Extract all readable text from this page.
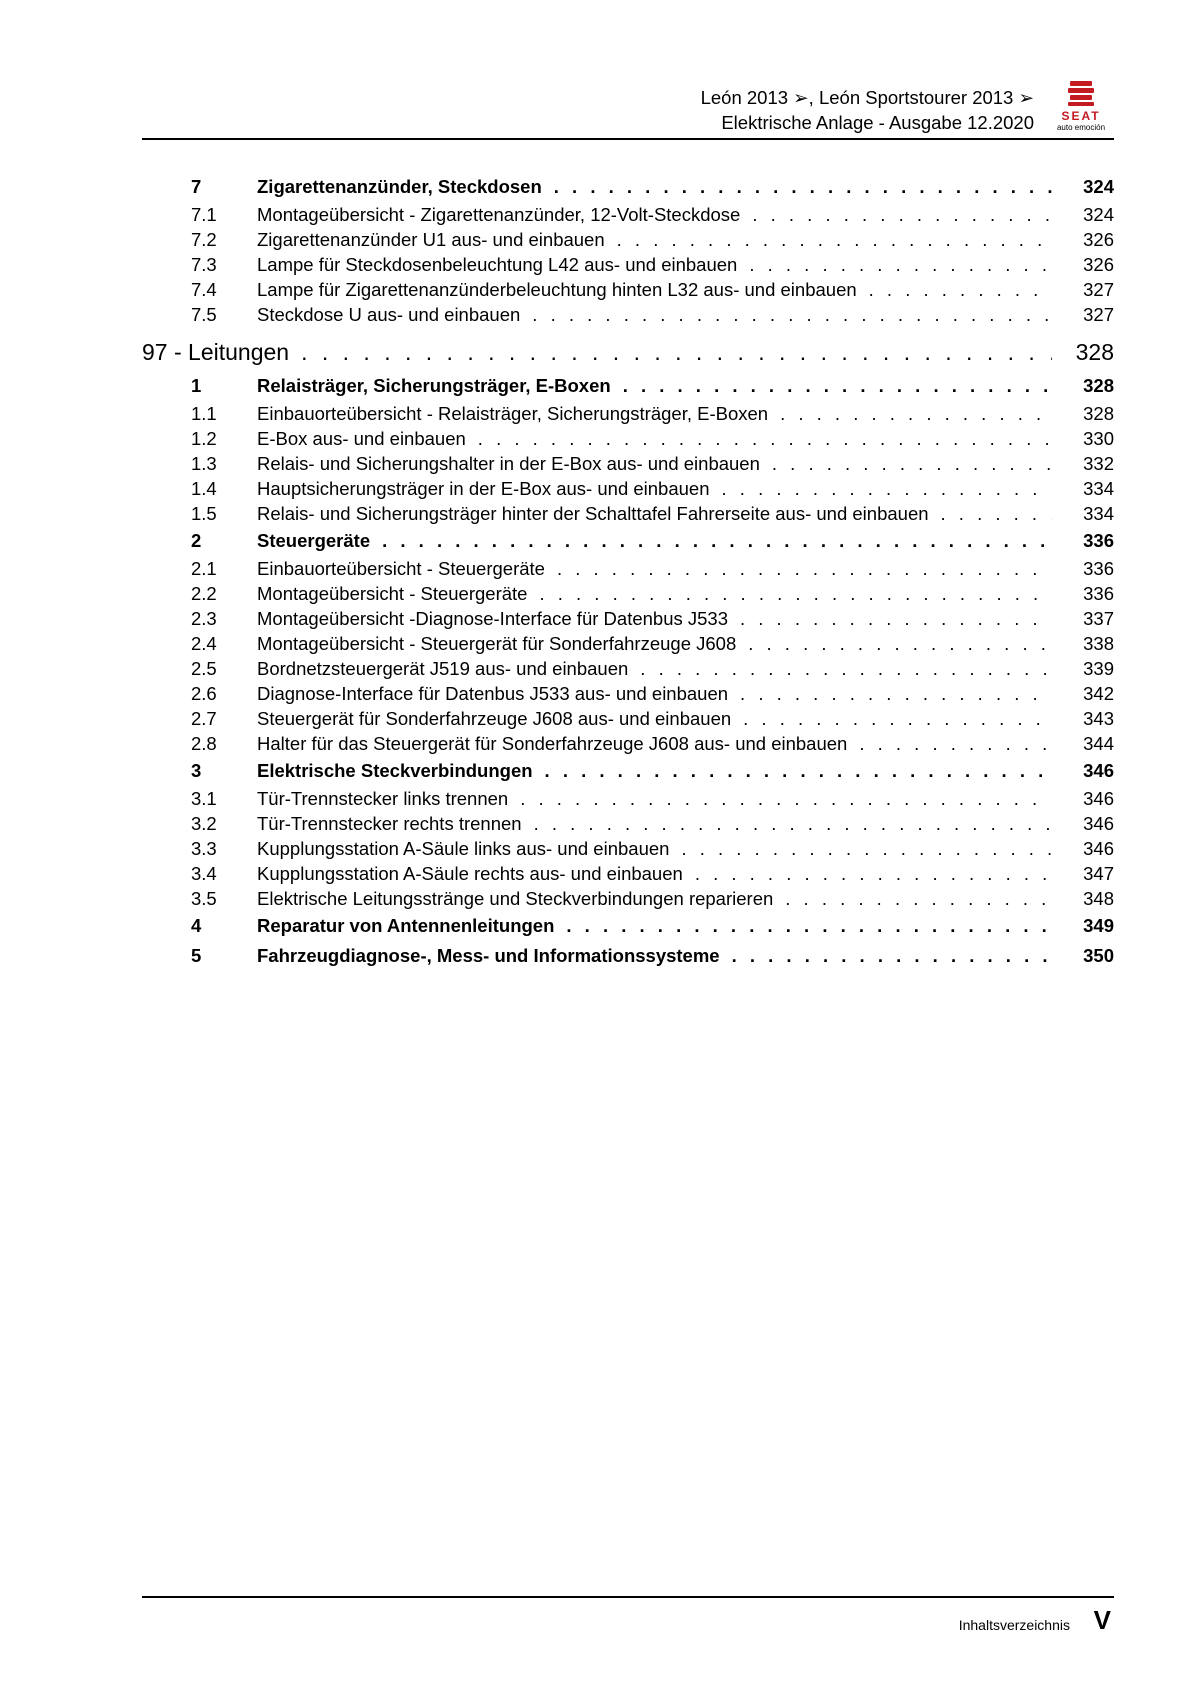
León 2013 ➢, León Sportstourer 2013 ➢
Elektrische Anlage - Ausgabe 12.2020 SEAT
auto emoción
7	Zigarettenanzünder, Steckdosen . . .	324
7.1 Montageübersicht - Zigarettenanzünder, 12-Volt-Steckdose . . .	324
7.2 Zigarettenanzünder U1 aus- und einbauen . . .	326
7.3 Lampe für Steckdosenbeleuchtung L42 aus- und einbauen . . .	326
7.4 Lampe für Zigarettenanzünderbeleuchtung hinten L32 aus- und einbauen . . .	327
7.5 Steckdose U aus- und einbauen . . .	327
97 - Leitungen . . .	328
1	Relaisträger, Sicherungsträger, E-Boxen . . .	328
1.1 Einbauorteübersicht - Relaisträger, Sicherungsträger, E-Boxen . . .	328
1.2 E-Box aus- und einbauen . . .	330
1.3 Relais- und Sicherungshalter in der E-Box aus- und einbauen . . .	332
1.4 Hauptsicherungsträger in der E-Box aus- und einbauen . . .	334
1.5 Relais- und Sicherungsträger hinter der Schalttafel Fahrerseite aus- und einbauen . . .	334
2	Steuergeräte . . .	336
2.1 Einbauorteübersicht - Steuergeräte . . .	336
2.2 Montageübersicht - Steuergeräte . . .	336
2.3 Montageübersicht -Diagnose-Interface für Datenbus J533 . . .	337
2.4 Montageübersicht - Steuergerät für Sonderfahrzeuge J608 . . .	338
2.5 Bordnetzsteuergerät J519 aus- und einbauen . . .	339
2.6 Diagnose-Interface für Datenbus J533 aus- und einbauen . . .	342
2.7 Steuergerät für Sonderfahrzeuge J608 aus- und einbauen . . .	343
2.8 Halter für das Steuergerät für Sonderfahrzeuge J608 aus- und einbauen . . .	344
3	Elektrische Steckverbindungen . . .	346
3.1 Tür-Trennstecker links trennen . . .	346
3.2 Tür-Trennstecker rechts trennen . . .	346
3.3 Kupplungsstation A-Säule links aus- und einbauen . . .	346
3.4 Kupplungsstation A-Säule rechts aus- und einbauen . . .	347
3.5 Elektrische Leitungsstränge und Steckverbindungen reparieren . . .	348
4	Reparatur von Antennenleitungen . . .	349
5	Fahrzeugdiagnose-, Mess- und Informationssysteme . . .	350
Inhaltsverzeichnis V
